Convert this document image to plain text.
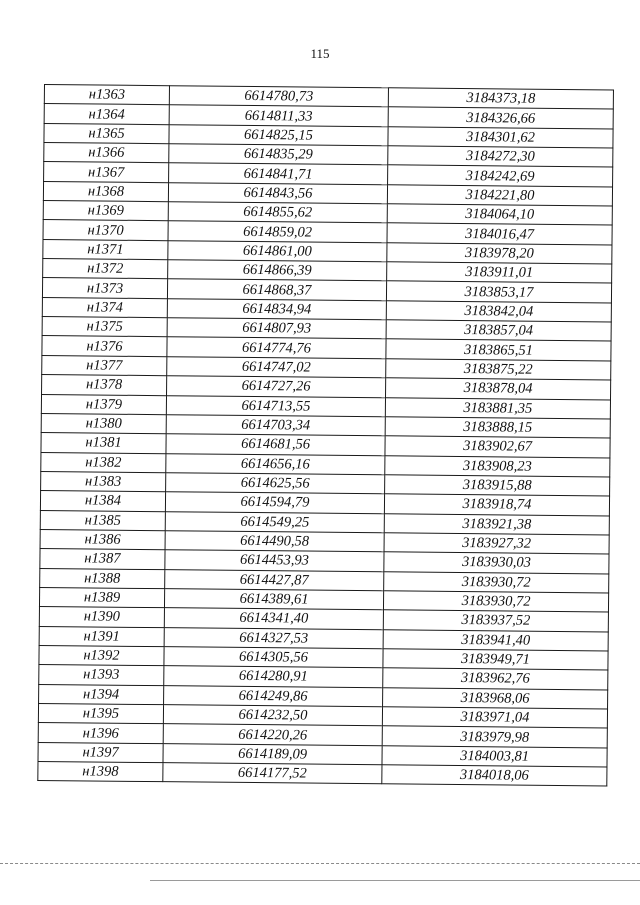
115
н1363	6614780,73	3184373,18
н1364	6614811,33	3184326,66
н1365	6614825,15	3184301,62
н1366	6614835,29	3184272,30
н1367	6614841,71	3184242,69
н1368	6614843,56	3184221,80
н1369	6614855,62	3184064,10
н1370	6614859,02	3184016,47
н1371	6614861,00	3183978,20
н1372	6614866,39	3183911,01
н1373	6614868,37	3183853,17
н1374	6614834,94	3183842,04
н1375	6614807,93	3183857,04
н1376	6614774,76	3183865,51
н1377	6614747,02	3183875,22
н1378	6614727,26	3183878,04
н1379	6614713,55	3183881,35
н1380	6614703,34	3183888,15
н1381	6614681,56	3183902,67
н1382	6614656,16	3183908,23
н1383	6614625,56	3183915,88
н1384	6614594,79	3183918,74
н1385	6614549,25	3183921,38
н1386	6614490,58	3183927,32
н1387	6614453,93	3183930,03
н1388	6614427,87	3183930,72
н1389	6614389,61	3183930,72
н1390	6614341,40	3183937,52
н1391	6614327,53	3183941,40
н1392	6614305,56	3183949,71
н1393	6614280,91	3183962,76
н1394	6614249,86	3183968,06
н1395	6614232,50	3183971,04
н1396	6614220,26	3183979,98
н1397	6614189,09	3184003,81
н1398	6614177,52	3184018,06
